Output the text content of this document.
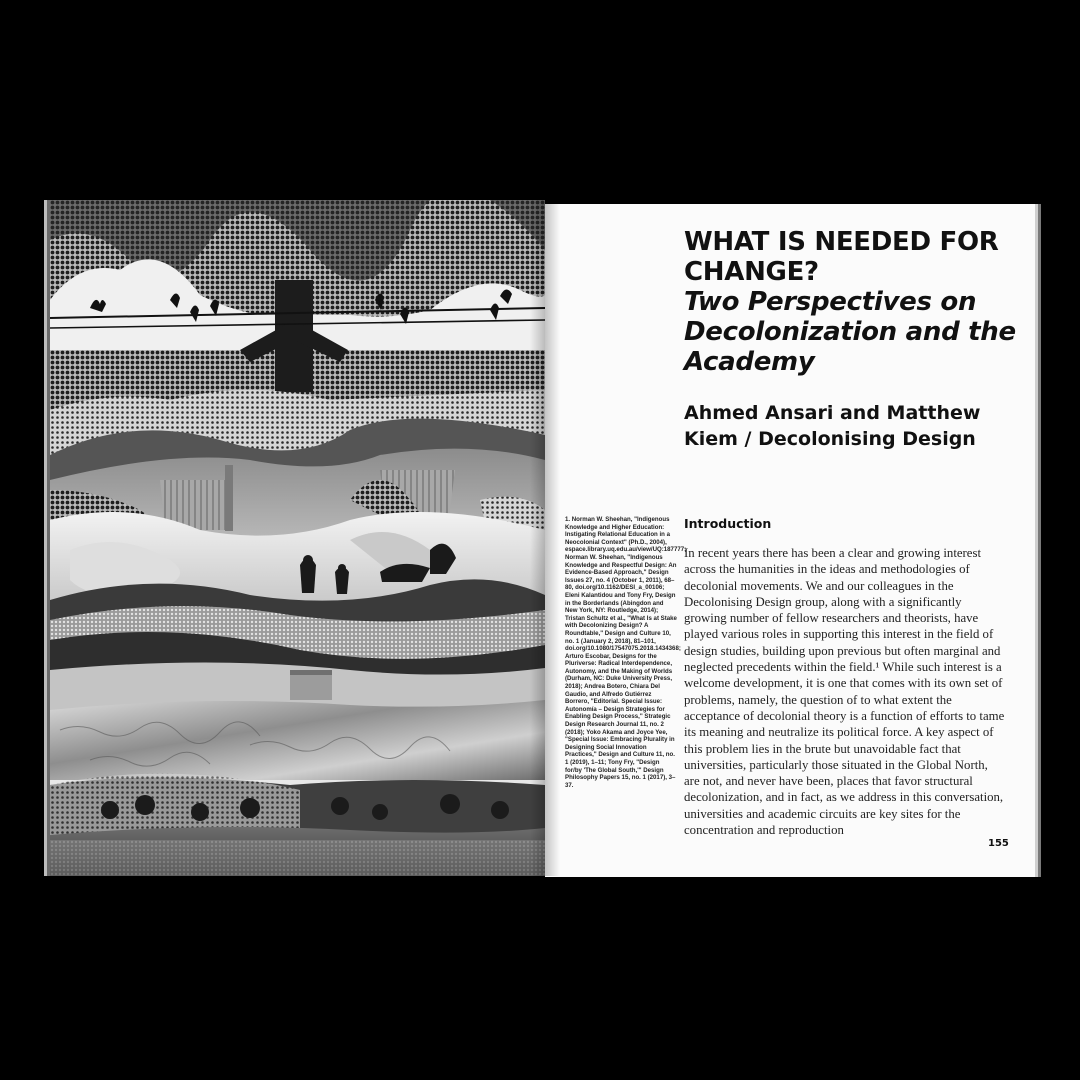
WHAT IS NEEDED FOR CHANGE?
Two Perspectives on Decolonization and the Academy
Ahmed Ansari and Matthew Kiem / Decolonising Design
1. Norman W. Sheehan, "Indigenous Knowledge and Higher Education: Instigating Relational Education in a Neocolonial Context" (Ph.D., 2004), espace.library.uq.edu.au/view/UQ:187777; Norman W. Sheehan, "Indigenous Knowledge and Respectful Design: An Evidence-Based Approach," Design Issues 27, no. 4 (October 1, 2011), 68–80, doi.org/10.1162/DESI_a_00106; Eleni Kalantidou and Tony Fry, Design in the Borderlands (Abingdon and New York, NY: Routledge, 2014); Tristan Schultz et al., "What Is at Stake with Decolonizing Design? A Roundtable," Design and Culture 10, no. 1 (January 2, 2018), 81–101, doi.org/10.1080/17547075.2018.1434368; Arturo Escobar, Designs for the Pluriverse: Radical Interdependence, Autonomy, and the Making of Worlds (Durham, NC: Duke University Press, 2018); Andrea Botero, Chiara Del Gaudio, and Alfredo Gutiérrez Borrero, "Editorial. Special Issue: Autonomía – Design Strategies for Enabling Design Process," Strategic Design Research Journal 11, no. 2 (2018); Yoko Akama and Joyce Yee, "Special Issue: Embracing Plurality in Designing Social Innovation Practices," Design and Culture 11, no. 1 (2019), 1–11; Tony Fry, "Design for/by 'The Global South,'" Design Philosophy Papers 15, no. 1 (2017), 3–37.
Introduction

In recent years there has been a clear and growing interest across the humanities in the ideas and methodologies of decolonial movements. We and our colleagues in the Decolonising Design group, along with a significantly growing number of fellow researchers and theorists, have played various roles in supporting this interest in the field of design studies, building upon previous but often marginal and neglected precedents within the field.¹ While such interest is a welcome development, it is one that comes with its own set of problems, namely, the question of to what extent the acceptance of decolonial theory is a function of efforts to tame its meaning and neutralize its political force. A key aspect of this problem lies in the brute but unavoidable fact that universities, particularly those situated in the Global North, are not, and never have been, places that favor structural decolonization, and in fact, as we address in this conversation, universities and academic circuits are key sites for the concentration and reproduction

155
